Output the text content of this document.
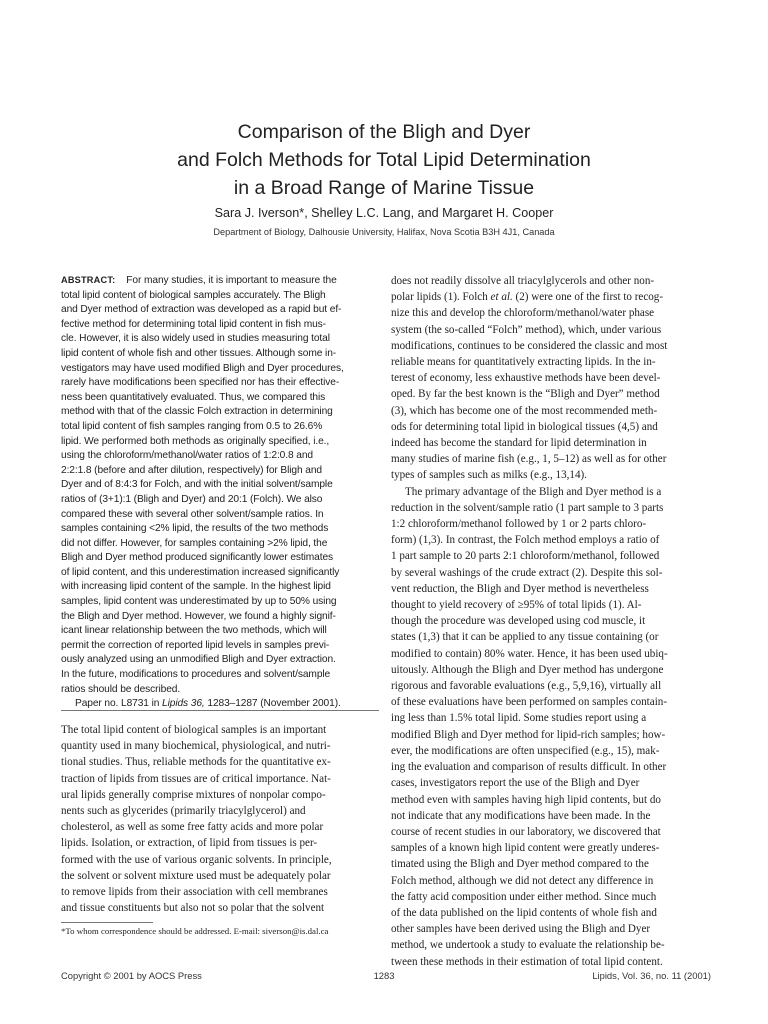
Comparison of the Bligh and Dyer
and Folch Methods for Total Lipid Determination
in a Broad Range of Marine Tissue
Sara J. Iverson*, Shelley L.C. Lang, and Margaret H. Cooper
Department of Biology, Dalhousie University, Halifax, Nova Scotia B3H 4J1, Canada
ABSTRACT: For many studies, it is important to measure the
total lipid content of biological samples accurately. The Bligh
and Dyer method of extraction was developed as a rapid but ef-
fective method for determining total lipid content in fish mus-
cle. However, it is also widely used in studies measuring total
lipid content of whole fish and other tissues. Although some in-
vestigators may have used modified Bligh and Dyer procedures,
rarely have modifications been specified nor has their effective-
ness been quantitatively evaluated. Thus, we compared this
method with that of the classic Folch extraction in determining
total lipid content of fish samples ranging from 0.5 to 26.6%
lipid. We performed both methods as originally specified, i.e.,
using the chloroform/methanol/water ratios of 1:2:0.8 and
2:2:1.8 (before and after dilution, respectively) for Bligh and
Dyer and of 8:4:3 for Folch, and with the initial solvent/sample
ratios of (3+1):1 (Bligh and Dyer) and 20:1 (Folch). We also
compared these with several other solvent/sample ratios. In
samples containing <2% lipid, the results of the two methods
did not differ. However, for samples containing >2% lipid, the
Bligh and Dyer method produced significantly lower estimates
of lipid content, and this underestimation increased significantly
with increasing lipid content of the sample. In the highest lipid
samples, lipid content was underestimated by up to 50% using
the Bligh and Dyer method. However, we found a highly signif-
icant linear relationship between the two methods, which will
permit the correction of reported lipid levels in samples previ-
ously analyzed using an unmodified Bligh and Dyer extraction.
In the future, modifications to procedures and solvent/sample
ratios should be described.
Paper no. L8731 in Lipids 36, 1283–1287 (November 2001).
The total lipid content of biological samples is an important
quantity used in many biochemical, physiological, and nutri-
tional studies. Thus, reliable methods for the quantitative ex-
traction of lipids from tissues are of critical importance. Nat-
ural lipids generally comprise mixtures of nonpolar compo-
nents such as glycerides (primarily triacylglycerol) and
cholesterol, as well as some free fatty acids and more polar
lipids. Isolation, or extraction, of lipid from tissues is per-
formed with the use of various organic solvents. In principle,
the solvent or solvent mixture used must be adequately polar
to remove lipids from their association with cell membranes
and tissue constituents but also not so polar that the solvent
does not readily dissolve all triacylglycerols and other non-
polar lipids (1). Folch et al. (2) were one of the first to recog-
nize this and develop the chloroform/methanol/water phase
system (the so-called “Folch” method), which, under various
modifications, continues to be considered the classic and most
reliable means for quantitatively extracting lipids. In the in-
terest of economy, less exhaustive methods have been devel-
oped. By far the best known is the “Bligh and Dyer” method
(3), which has become one of the most recommended meth-
ods for determining total lipid in biological tissues (4,5) and
indeed has become the standard for lipid determination in
many studies of marine fish (e.g., 1, 5–12) as well as for other
types of samples such as milks (e.g., 13,14).
The primary advantage of the Bligh and Dyer method is a
reduction in the solvent/sample ratio (1 part sample to 3 parts
1:2 chloroform/methanol followed by 1 or 2 parts chloro-
form) (1,3). In contrast, the Folch method employs a ratio of
1 part sample to 20 parts 2:1 chloroform/methanol, followed
by several washings of the crude extract (2). Despite this sol-
vent reduction, the Bligh and Dyer method is nevertheless
thought to yield recovery of ≥95% of total lipids (1). Al-
though the procedure was developed using cod muscle, it
states (1,3) that it can be applied to any tissue containing (or
modified to contain) 80% water. Hence, it has been used ubiq-
uitously. Although the Bligh and Dyer method has undergone
rigorous and favorable evaluations (e.g., 5,9,16), virtually all
of these evaluations have been performed on samples contain-
ing less than 1.5% total lipid. Some studies report using a
modified Bligh and Dyer method for lipid-rich samples; how-
ever, the modifications are often unspecified (e.g., 15), mak-
ing the evaluation and comparison of results difficult. In other
cases, investigators report the use of the Bligh and Dyer
method even with samples having high lipid contents, but do
not indicate that any modifications have been made. In the
course of recent studies in our laboratory, we discovered that
samples of a known high lipid content were greatly underes-
timated using the Bligh and Dyer method compared to the
Folch method, although we did not detect any difference in
the fatty acid composition under either method. Since much
of the data published on the lipid contents of whole fish and
other samples have been derived using the Bligh and Dyer
method, we undertook a study to evaluate the relationship be-
tween these methods in their estimation of total lipid content.
*To whom correspondence should be addressed. E-mail: siverson@is.dal.ca
Copyright © 2001 by AOCS Press	1283	Lipids, Vol. 36, no. 11 (2001)
